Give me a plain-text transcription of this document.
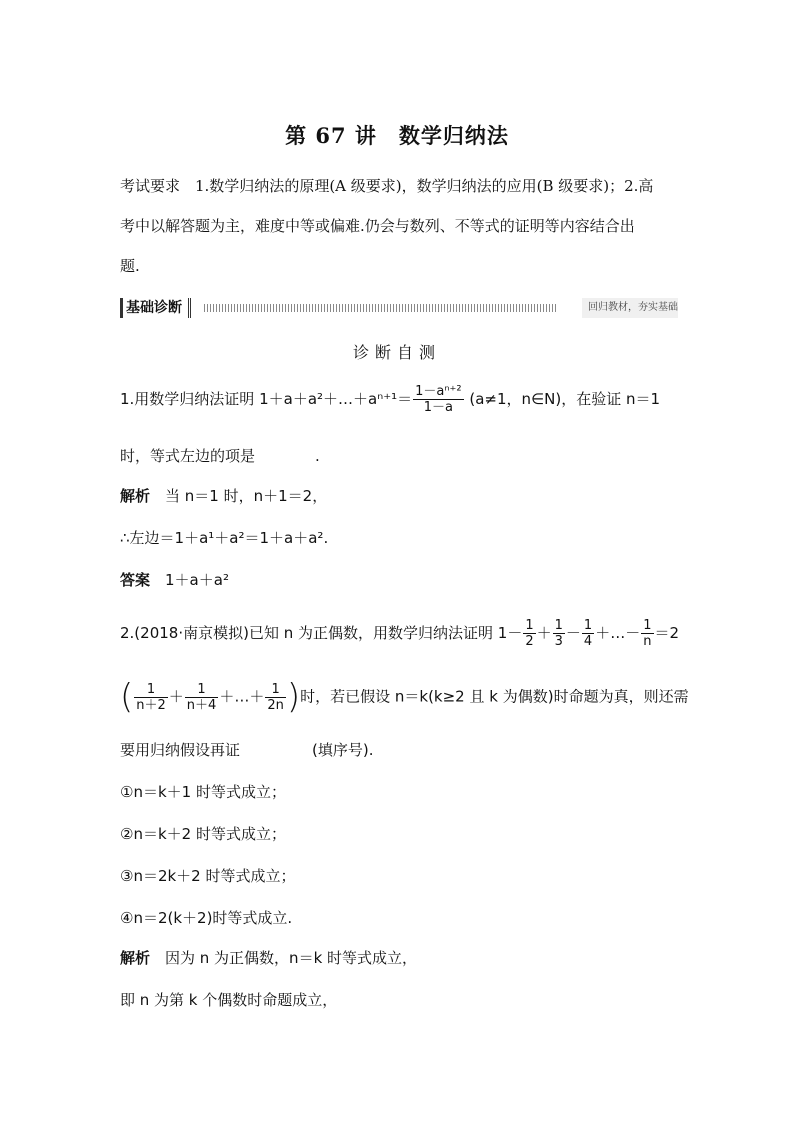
第 67 讲　数学归纳法
考试要求　1.数学归纳法的原理(A 级要求)，数学归纳法的应用(B 级要求)；2.高
考中以解答题为主，难度中等或偏难.仍会与数列、不等式的证明等内容结合出
题.
基础诊断	回归教材，夯实基础
诊断自测
1.用数学归纳法证明 1＋a＋a²＋…＋aⁿ⁺¹＝ $\frac{\text{1－aⁿ⁺²}}{1-a} (a\ne 1$，n∈N)，在验证 n＝1
时，等式左边的项是	.
解析　当 n＝1 时，n＋1＝2，
∴左边＝1＋a¹＋a²＝1＋a＋a².
答案　1＋a＋a²
2.(2018·南京模拟)已知 n 为正偶数，用数学归纳法证明 $1- \frac{1}{2} + \frac{1}{3} - \frac{1}{4}$ ＋…－ $\frac{1}{n} =2$
( $\frac{1}{n+2} + \frac{1}{n+4}$ ＋…＋ $\frac{1}{2n}$ )时，若已假设 n＝k(k≥2 且 k 为偶数)时命题为真，则还需
要用归纳假设再证	(填序号).
①n＝k＋1 时等式成立；
②n＝k＋2 时等式成立；
③n＝2k＋2 时等式成立；
④n＝2(k＋2)时等式成立.
解析　因为 n 为正偶数，n＝k 时等式成立，
即 n 为第 k 个偶数时命题成立，
